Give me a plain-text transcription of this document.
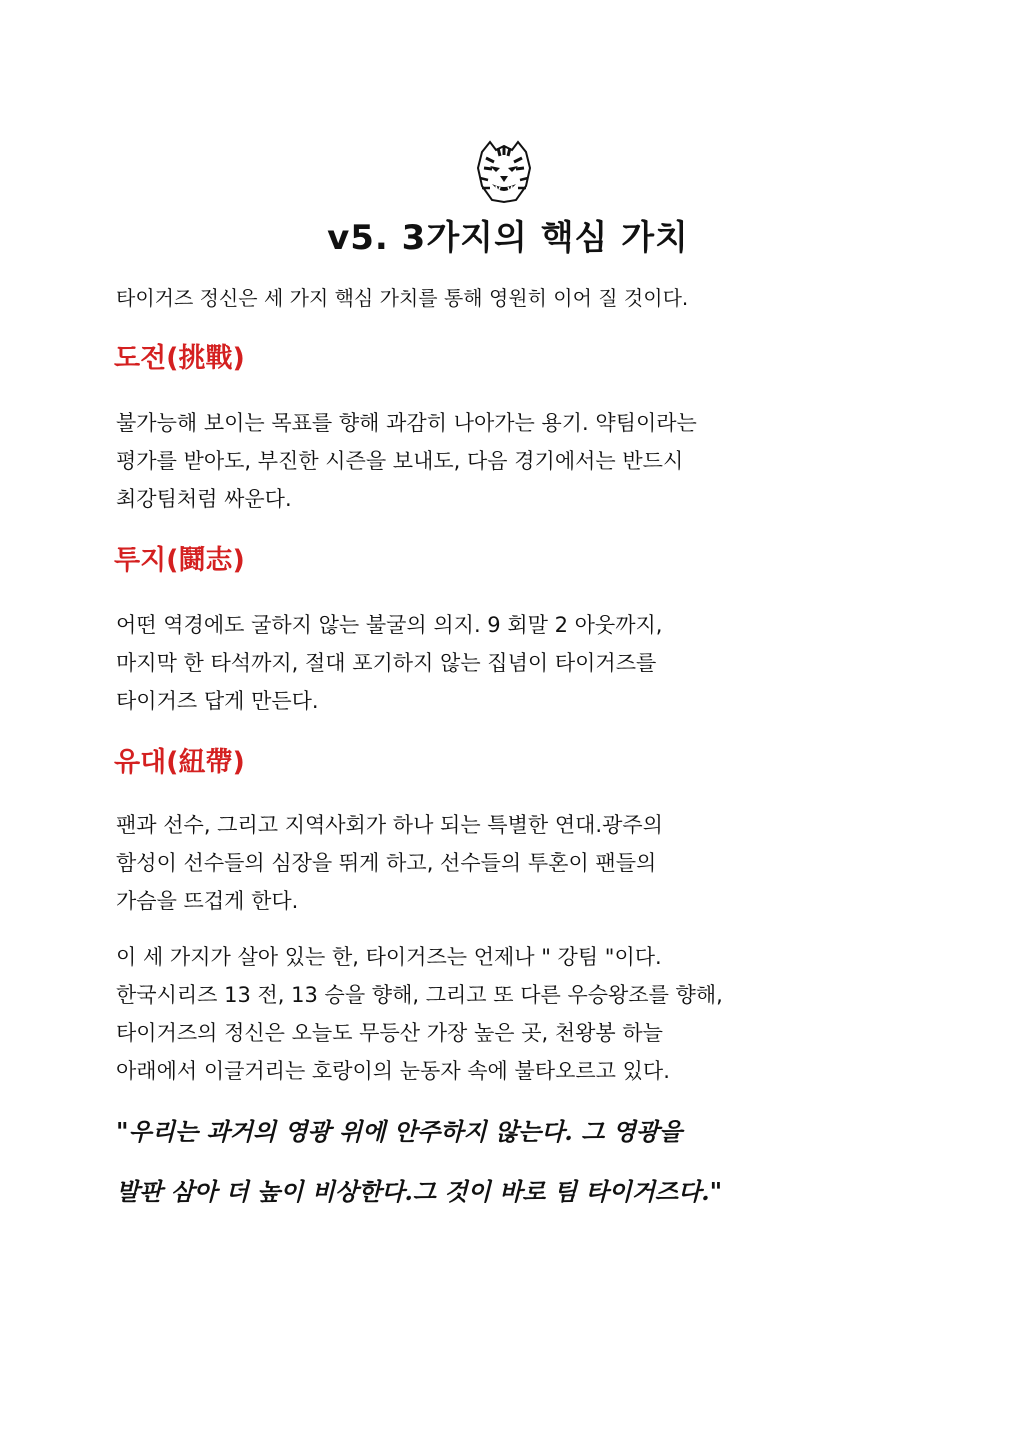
v5. 3가지의 핵심 가치

타이거즈 정신은 세 가지 핵심 가치를 통해 영원히 이어 질 것이다.

도전(挑戰)
불가능해 보이는 목표를 향해 과감히 나아가는 용기. 약팀이라는
평가를 받아도, 부진한 시즌을 보내도, 다음 경기에서는 반드시
최강팀처럼 싸운다.
투지(鬪志)
어떤 역경에도 굴하지 않는 불굴의 의지. 9 회말 2 아웃까지,
마지막 한 타석까지, 절대 포기하지 않는 집념이 타이거즈를
타이거즈 답게 만든다.
유대(紐帶)
팬과 선수, 그리고 지역사회가 하나 되는 특별한 연대.광주의
함성이 선수들의 심장을 뛰게 하고, 선수들의 투혼이 팬들의
가슴을 뜨겁게 한다.
이 세 가지가 살아 있는 한, 타이거즈는 언제나 " 강팀 "이다.
한국시리즈 13 전, 13 승을 향해, 그리고 또 다른 우승왕조를 향해,
타이거즈의 정신은 오늘도 무등산 가장 높은 곳, 천왕봉 하늘
아래에서 이글거리는 호랑이의 눈동자 속에 불타오르고 있다.

"우리는 과거의 영광 위에 안주하지 않는다. 그 영광을

발판 삼아 더 높이 비상한다.그 것이 바로 팀 타이거즈다."
